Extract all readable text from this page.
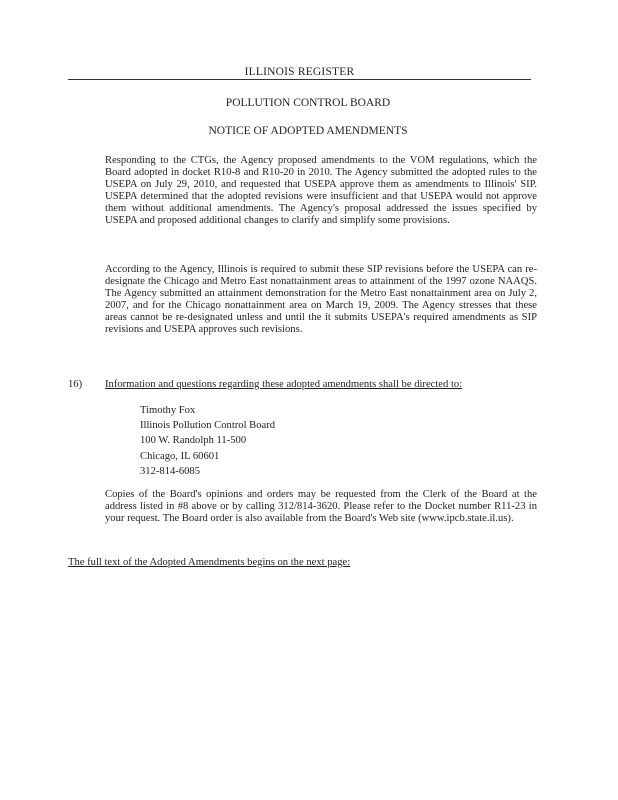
ILLINOIS REGISTER
POLLUTION CONTROL BOARD
NOTICE OF ADOPTED AMENDMENTS
Responding to the CTGs, the Agency proposed amendments to the VOM regulations, which the Board adopted in docket R10-8 and R10-20 in 2010. The Agency submitted the adopted rules to the USEPA on July 29, 2010, and requested that USEPA approve them as amendments to Illinois' SIP. USEPA determined that the adopted revisions were insufficient and that USEPA would not approve them without additional amendments. The Agency's proposal addressed the issues specified by USEPA and proposed additional changes to clarify and simplify some provisions.
According to the Agency, Illinois is required to submit these SIP revisions before the USEPA can re-designate the Chicago and Metro East nonattainment areas to attainment of the 1997 ozone NAAQS. The Agency submitted an attainment demonstration for the Metro East nonattainment area on July 2, 2007, and for the Chicago nonattainment area on March 19, 2009. The Agency stresses that these areas cannot be re-designated unless and until the it submits USEPA's required amendments as SIP revisions and USEPA approves such revisions.
16) Information and questions regarding these adopted amendments shall be directed to:
Timothy Fox
Illinois Pollution Control Board
100 W. Randolph 11-500
Chicago, IL 60601
312-814-6085
Copies of the Board's opinions and orders may be requested from the Clerk of the Board at the address listed in #8 above or by calling 312/814-3620. Please refer to the Docket number R11-23 in your request. The Board order is also available from the Board's Web site (www.ipcb.state.il.us).
The full text of the Adopted Amendments begins on the next page:
